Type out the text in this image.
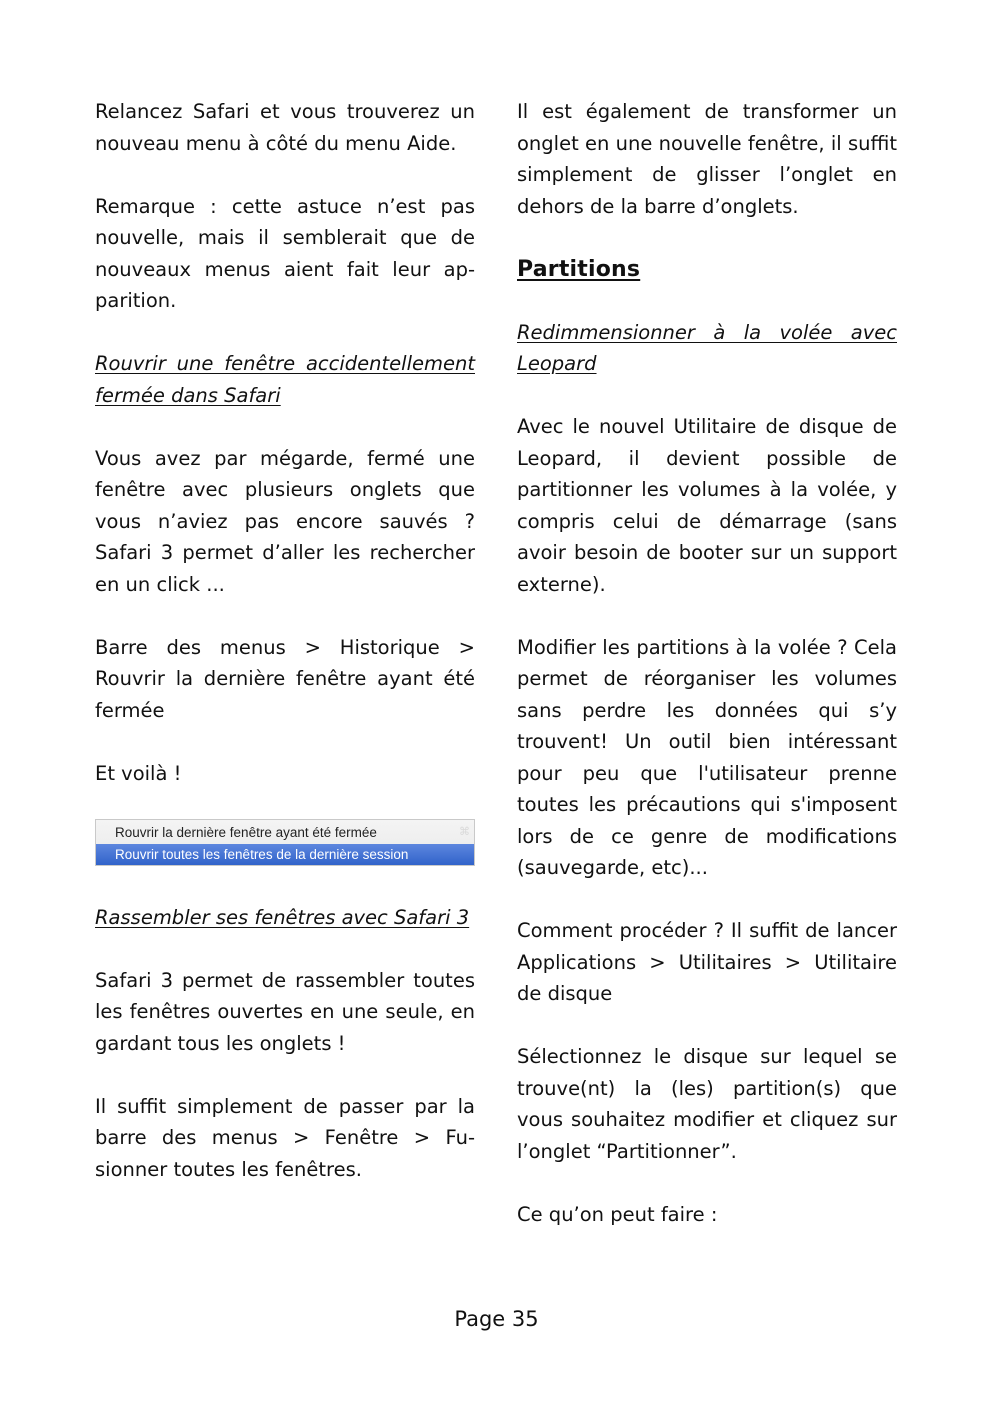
Relancez Safari et vous trouverez un nouveau menu à côté du menu Aide.

Remarque : cette astuce n’est pas nouvelle, mais il semblerait que de nouveaux menus aient fait leur apparition.

Rouvrir une fenêtre accidentellement fermée dans Safari

Vous avez par mégarde, fermé une fenêtre avec plusieurs onglets que vous n’aviez pas encore sauvés ? Safari 3 permet d’aller les rechercher en un click ...

Barre des menus > Historique > Rouvrir la dernière fenêtre ayant été fermée

Et voilà !

⌘
Rouvrir la dernière fenêtre ayant été fermée
Rouvrir toutes les fenêtres de la dernière session

Rassembler ses fenêtres avec Safari 3

Safari 3 permet de rassembler toutes les fenêtres ouvertes en une seule, en gardant tous les onglets !

Il suffit simplement de passer par la barre des menus > Fenêtre > Fusionner toutes les fenêtres.

Il est également de transformer un onglet en une nouvelle fenêtre, il suffit simplement de glisser l’onglet en dehors de la barre d’onglets.

Partitions

Redimmensionner à la volée avec Leopard

Avec le nouvel Utilitaire de disque de Leopard, il devient possible de partitionner les volumes à la volée, y compris celui de démarrage (sans avoir besoin de booter sur un support externe).

Modifier les partitions à la volée ? Cela permet de réorganiser les volumes sans perdre les données qui s’y trouvent! Un outil bien intéressant pour peu que l'utilisateur prenne toutes les précautions qui s'imposent lors de ce genre de modifications (sauvegarde, etc)...

Comment procéder ? Il suffit de lancer Applications > Utilitaires > Utilitaire de disque

Sélectionnez le disque sur lequel se trouve(nt) la (les) partition(s) que vous souhaitez modifier et cliquez sur l’onglet “Partitionner”.

Ce qu’on peut faire :

Page 35
